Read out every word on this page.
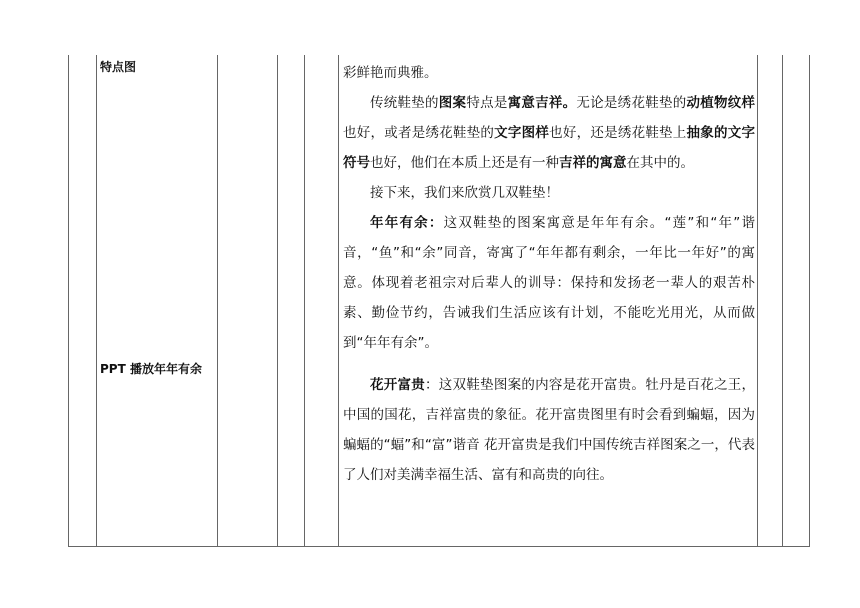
特点图
PPT 播放年年有余

彩鲜艳而典雅。

传统鞋垫的图案特点是寓意吉祥。无论是绣花鞋垫的动植物纹样也好，或者是绣花鞋垫的文字图样也好，还是绣花鞋垫上抽象的文字符号也好，他们在本质上还是有一种吉祥的寓意在其中的。

接下来，我们来欣赏几双鞋垫！

年年有余：这双鞋垫的图案寓意是年年有余。“莲”和“年”谐音，“鱼”和“余”同音，寄寓了“年年都有剩余，一年比一年好”的寓意。体现着老祖宗对后辈人的训导：保持和发扬老一辈人的艰苦朴素、勤俭节约，告诫我们生活应该有计划，不能吃光用光，从而做到“年年有余”。

花开富贵：这双鞋垫图案的内容是花开富贵。牡丹是百花之王，中国的国花，吉祥富贵的象征。花开富贵图里有时会看到蝙蝠，因为蝙蝠的“蝠”和“富”谐音 花开富贵是我们中国传统吉祥图案之一，代表了人们对美满幸福生活、富有和高贵的向往。
